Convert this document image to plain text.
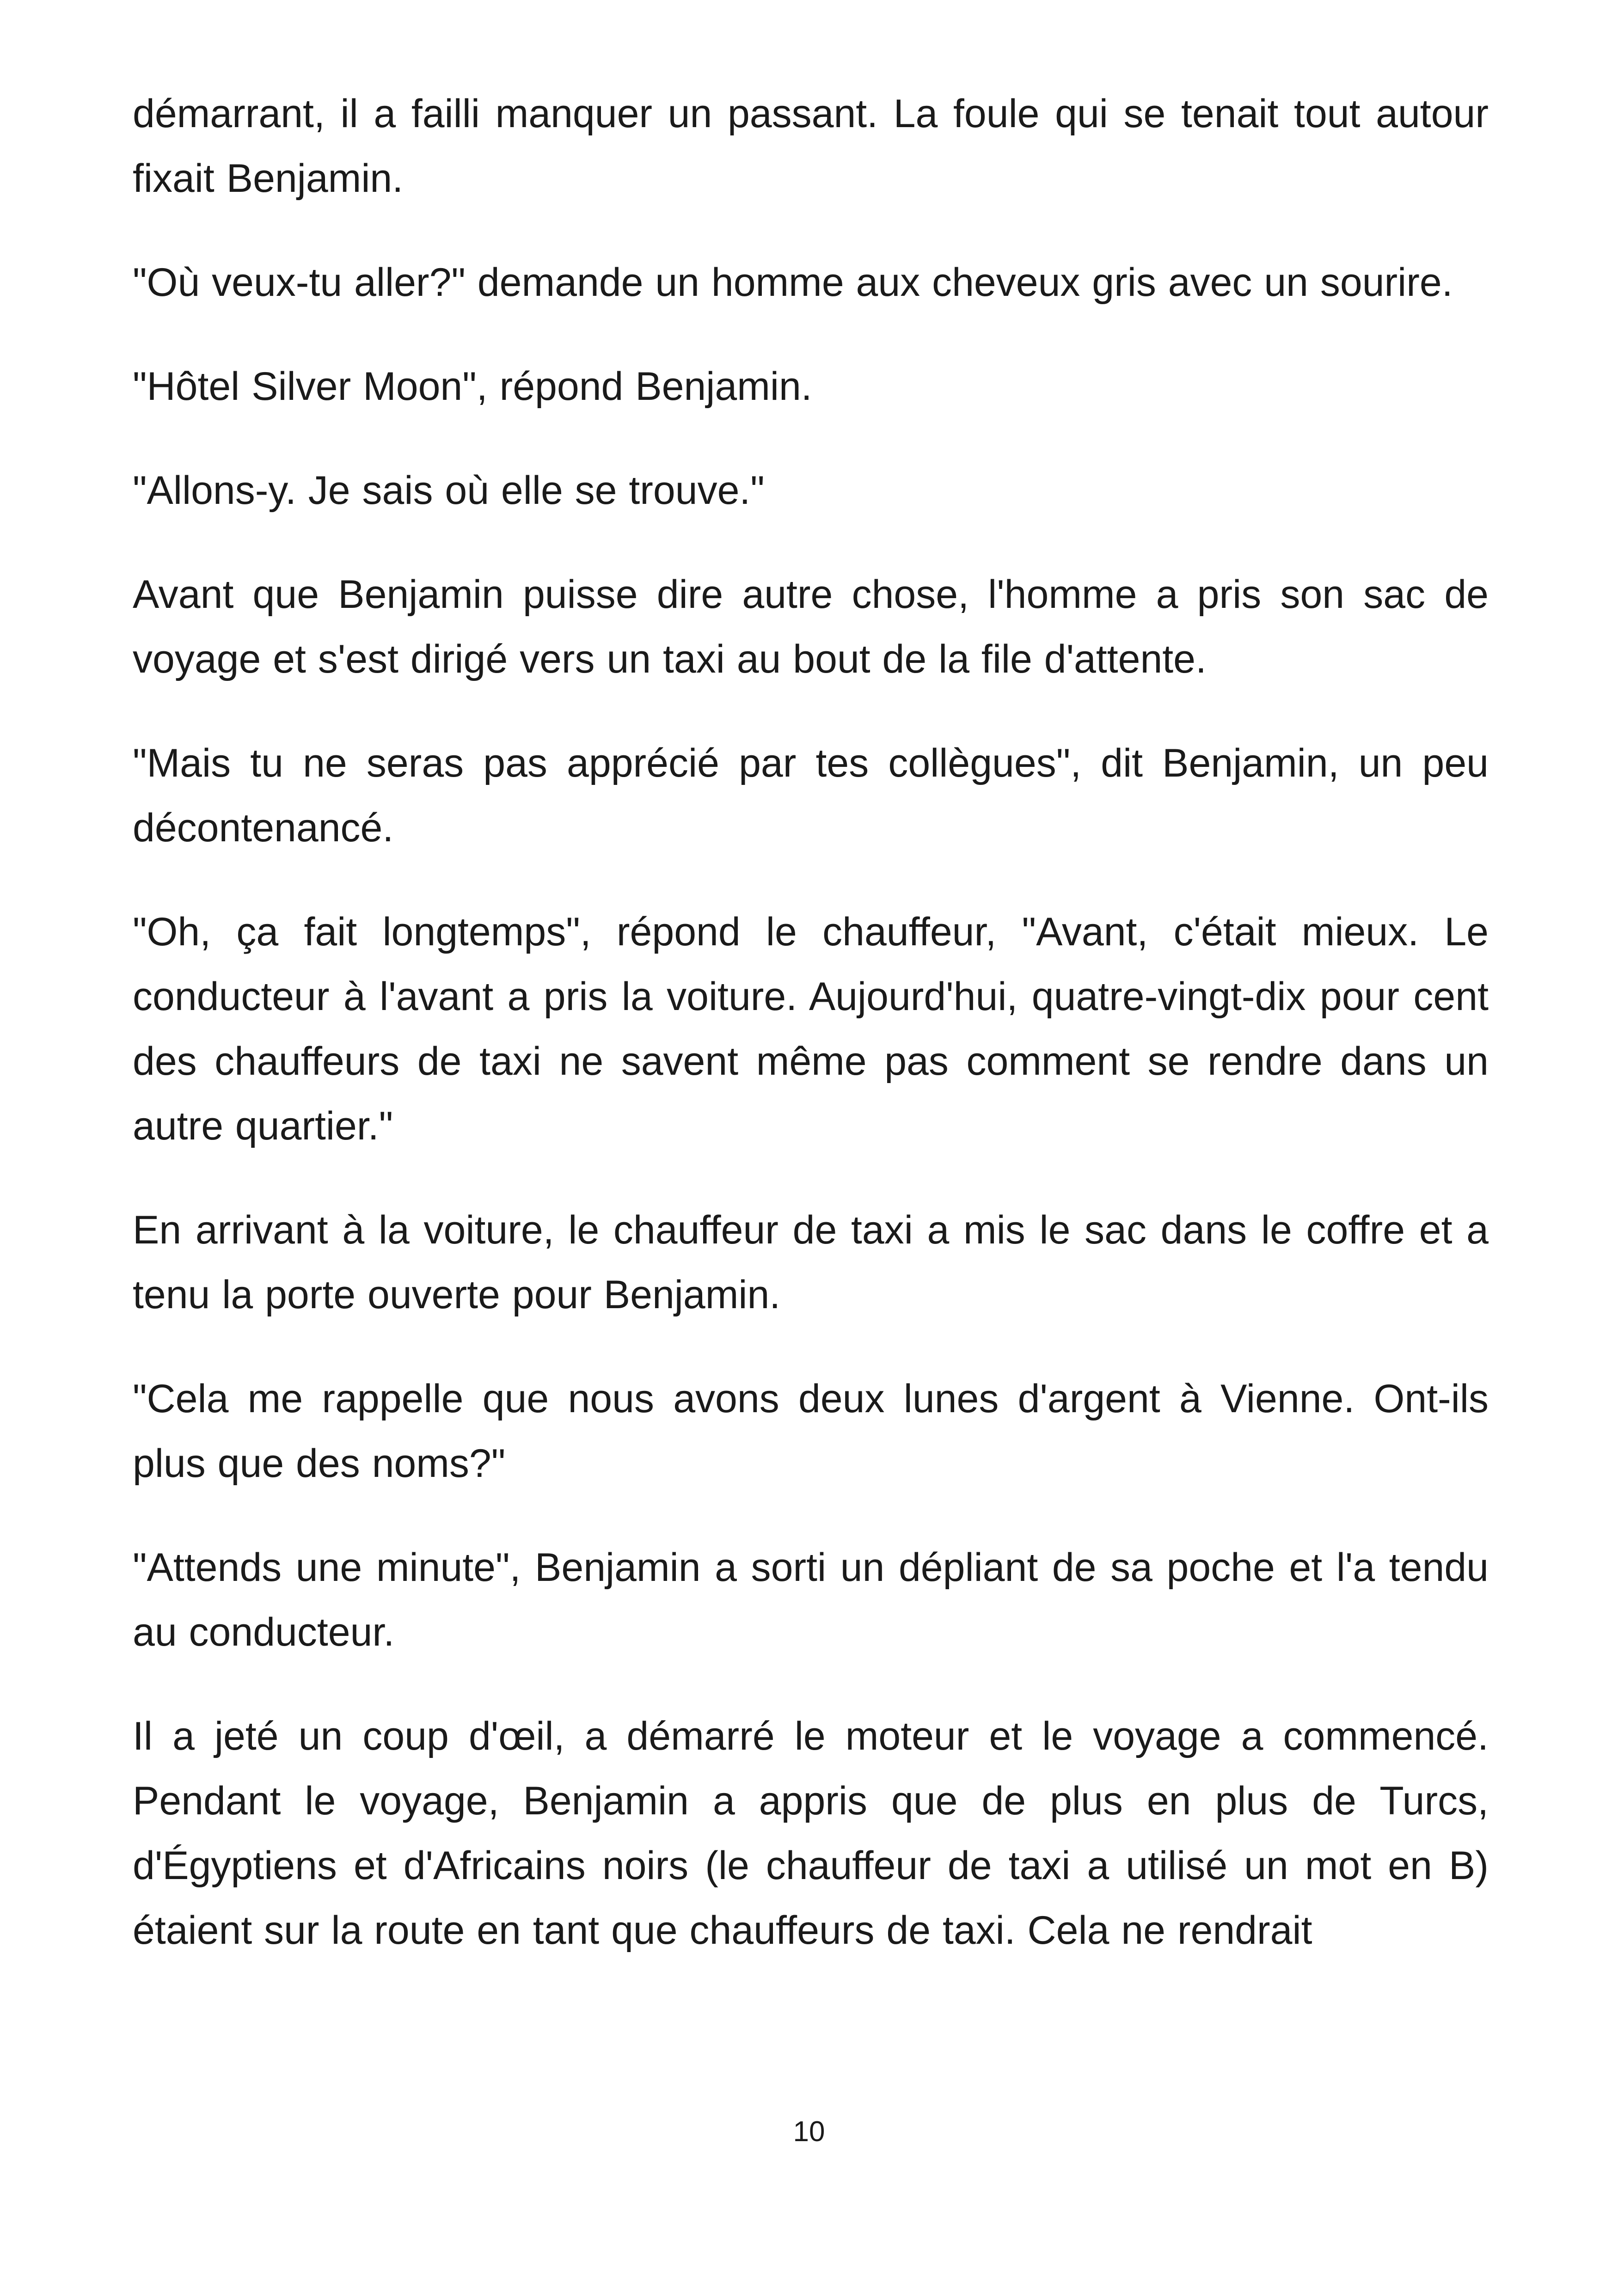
démarrant, il a failli manquer un passant. La foule qui se tenait tout autour fixait Benjamin.

"Où veux-tu aller?" demande un homme aux cheveux gris avec un sourire.

"Hôtel Silver Moon", répond Benjamin.

"Allons-y. Je sais où elle se trouve."

Avant que Benjamin puisse dire autre chose, l'homme a pris son sac de voyage et s'est dirigé vers un taxi au bout de la file d'attente.

"Mais tu ne seras pas apprécié par tes collègues", dit Benjamin, un peu décontenancé.

"Oh, ça fait longtemps", répond le chauffeur, "Avant, c'était mieux. Le conducteur à l'avant a pris la voiture. Aujourd'hui, quatre-vingt-dix pour cent des chauffeurs de taxi ne savent même pas comment se rendre dans un autre quartier."

En arrivant à la voiture, le chauffeur de taxi a mis le sac dans le coffre et a tenu la porte ouverte pour Benjamin.

"Cela me rappelle que nous avons deux lunes d'argent à Vienne. Ont-ils plus que des noms?"

"Attends une minute", Benjamin a sorti un dépliant de sa poche et l'a tendu au conducteur.

Il a jeté un coup d'œil, a démarré le moteur et le voyage a commencé. Pendant le voyage, Benjamin a appris que de plus en plus de Turcs, d'Égyptiens et d'Africains noirs (le chauffeur de taxi a utilisé un mot en B) étaient sur la route en tant que chauffeurs de taxi. Cela ne rendrait

10
